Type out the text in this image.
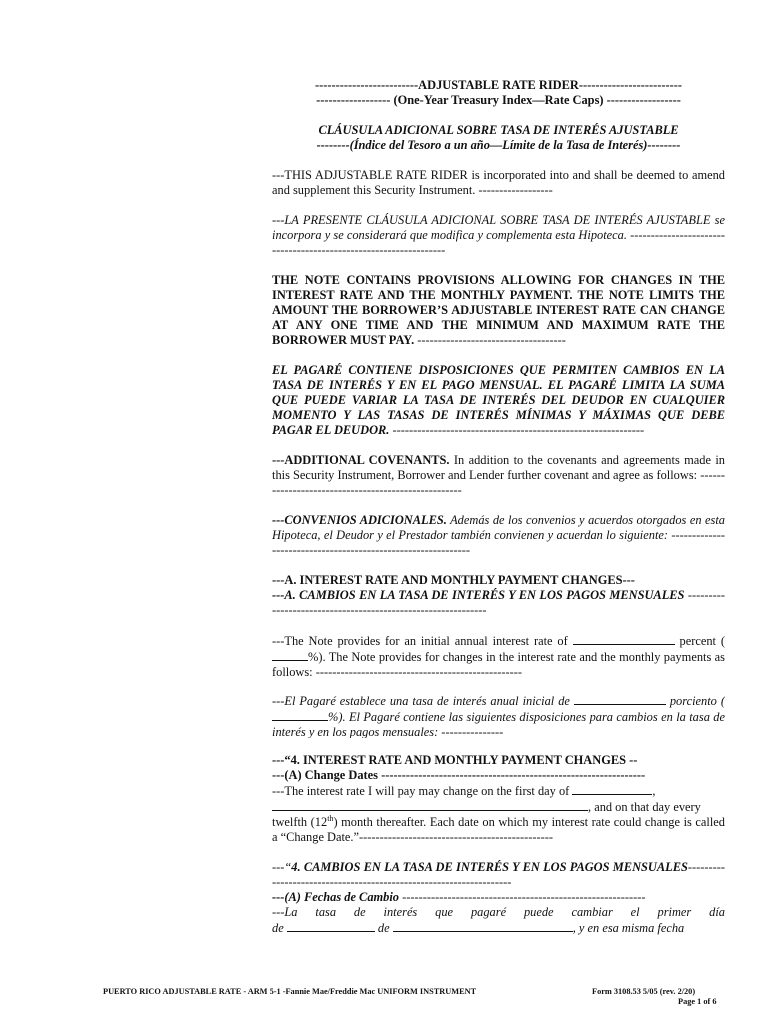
-------------------------ADJUSTABLE RATE RIDER-------------------------

------------------ (One-Year Treasury Index—Rate Caps) ------------------

CLÁUSULA ADICIONAL SOBRE TASA DE INTERÉS AJUSTABLE

--------(Índice del Tesoro a un año—Límite de la Tasa de Interés)--------

---THIS ADJUSTABLE RATE RIDER is incorporated into and shall be deemed to amend and supplement this Security Instrument. ------------------

---LA PRESENTE CLÁUSULA ADICIONAL SOBRE TASA DE INTERÉS AJUSTABLE se incorpora y se considerará que modifica y complementa esta Hipoteca. -----------------------------------------------------------------

THE NOTE CONTAINS PROVISIONS ALLOWING FOR CHANGES IN THE INTEREST RATE AND THE MONTHLY PAYMENT. THE NOTE LIMITS THE AMOUNT THE BORROWER’S ADJUSTABLE INTEREST RATE CAN CHANGE AT ANY ONE TIME AND THE MINIMUM AND MAXIMUM RATE THE BORROWER MUST PAY. ------------------------------------

EL PAGARÉ CONTIENE DISPOSICIONES QUE PERMITEN CAMBIOS EN LA TASA DE INTERÉS Y EN EL PAGO MENSUAL. EL PAGARÉ LIMITA LA SUMA QUE PUEDE VARIAR LA TASA DE INTERÉS DEL DEUDOR EN CUALQUIER MOMENTO Y LAS TASAS DE INTERÉS MÍNIMAS Y MÁXIMAS QUE DEBE PAGAR EL DEUDOR. -------------------------------------------------------------

---ADDITIONAL COVENANTS. In addition to the covenants and agreements made in this Security Instrument, Borrower and Lender further covenant and agree as follows: ----------------------------------------------------

---CONVENIOS ADICIONALES. Además de los convenios y acuerdos otorgados en esta Hipoteca, el Deudor y el Prestador también convienen y acuerdan lo siguiente: -------------------------------------------------------------

---A. INTEREST RATE AND MONTHLY PAYMENT CHANGES---

---A. CAMBIOS EN LA TASA DE INTERÉS Y EN LOS PAGOS MENSUALES -------------------------------------------------------------

---The Note provides for an initial annual interest rate of	percent (%). The Note provides for changes in the interest rate and the monthly payments as follows: --------------------------------------------------

---El Pagaré establece una tasa de interés anual inicial de	porciento (%). El Pagaré contiene las siguientes disposiciones para cambios en la tasa de interés y en los pagos mensuales: ---------------

---“4. INTEREST RATE AND MONTHLY PAYMENT CHANGES --

---(A) Change Dates ----------------------------------------------------------------

---The interest rate I will pay may change on the first day of	,

, and on that day every

twelfth (12th) month thereafter. Each date on which my interest rate could change is called a “Change Date.”-----------------------------------------------

---“4. CAMBIOS EN LA TASA DE INTERÉS Y EN LOS PAGOS MENSUALES-------------------------------------------------------------------

---(A) Fechas de Cambio -----------------------------------------------------------

---La tasa de interés que pagaré puede cambiar el primer día

de	de	, y en esa misma fecha

PUERTO RICO ADJUSTABLE RATE - ARM 5-1 -Fannie Mae/Freddie Mac UNIFORM INSTRUMENT	Form 3108.53 5/05 (rev. 2/20)
Page 1 of 6
